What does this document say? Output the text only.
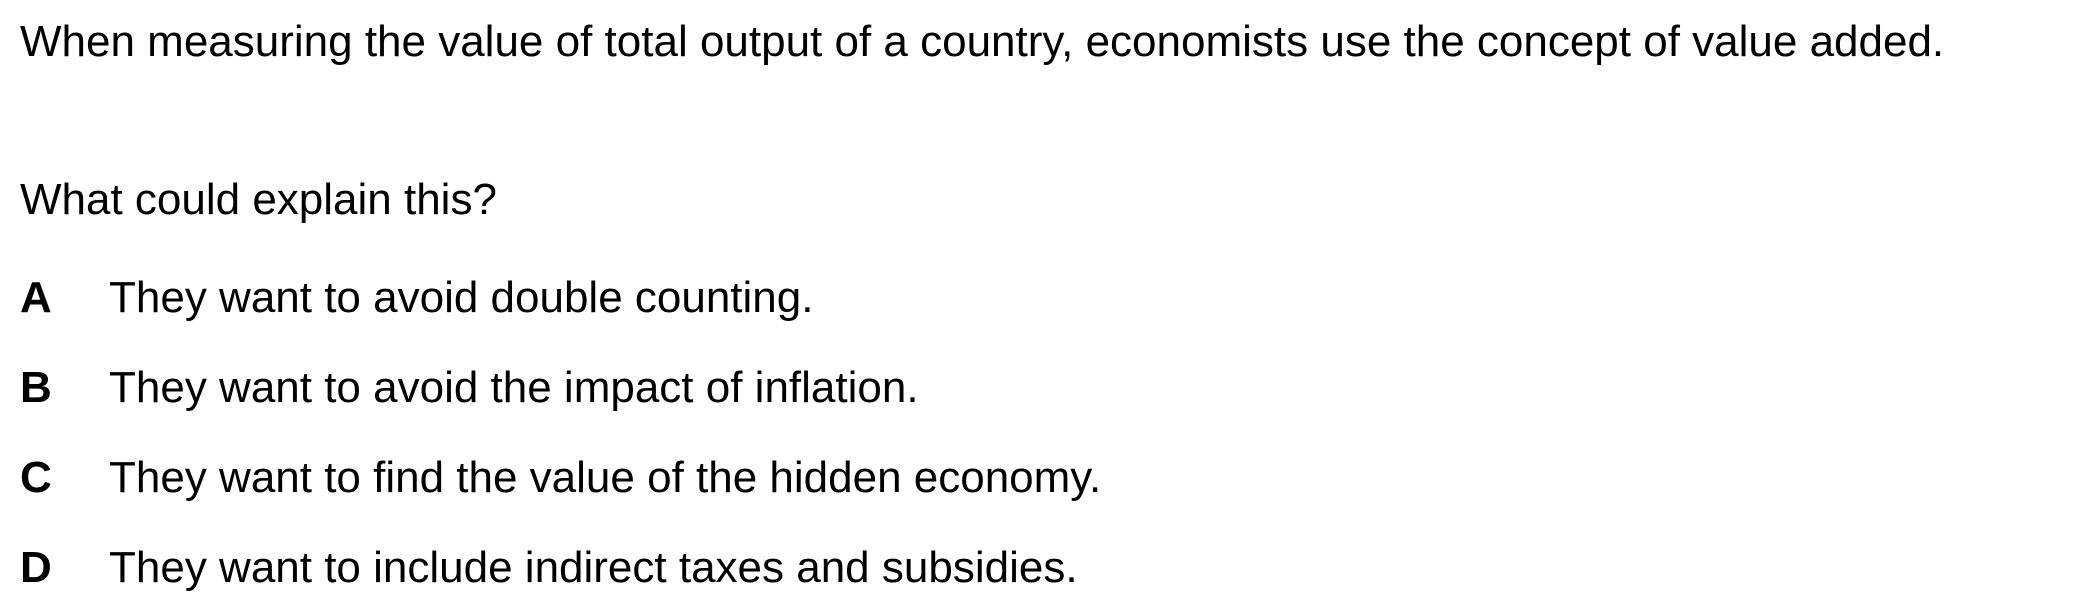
When measuring the value of total output of a country, economists use the concept of value added.
What could explain this?
A They want to avoid double counting.
B They want to avoid the impact of inflation.
C They want to find the value of the hidden economy.
D They want to include indirect taxes and subsidies.
